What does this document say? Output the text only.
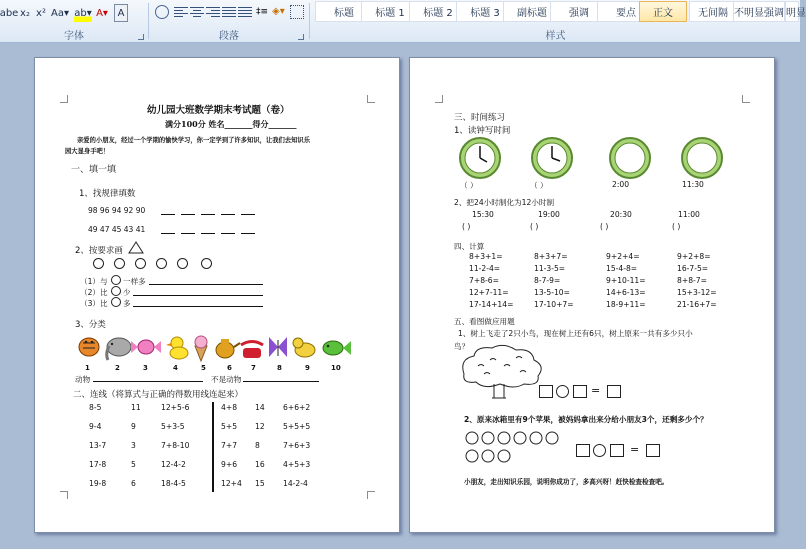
abe x₂ x² Aa▾ ab▾ A▾ A
字体
‡≡ ◈▾
段落
标题	标题 1	标题 2	标题 3	副标题	强调	要点	正文	无间隔 不明显强调 明显
样式
幼儿园大班数学期末考试题（卷）
满分100分 姓名_______得分_______
亲爱的小朋友，经过一个学期的愉快学习，你一定学到了许多知识，让我们去知识乐
园大显身手吧！
一、填一填
1、找规律填数
98 96 94 92 90
49 47 45 43 41
2、按要求画
（1）与 一样多
（2）比 少
（3）比 多
3、分类
1	2	3	4	5	6	7	8	9	10
动物	不是动物
二、连线（将算式与正确的得数用线连起来）
8-5	11	12+5-6	4+8 14 6+6+2
9-4	9	5+3-5	5+5 12 5+5+5
13-7	3	7+8-10	7+7 8	7+6+3
17-8	5	12-4-2	9+6 16 4+5+3
19-8	6	18-4-5	12+4 15 14-2-4
三、时间练习
1、读钟写时间
（ ）	（ ）	2:00	11:30
2、把24小时制化为12小时制
15:30	19:00	20:30	11:00
( )	( )	( )	( )
四、计算
8+3+1=	8+3+7=	9+2+4=	9+2+8=
11-2-4=	11-3-5=	15-4-8=	16-7-5=
7+8-6=	8-7-9=	9+10-11=	8+8-7=
12+7-11=	13-5-10=	14+6-13=	15+3-12=
17-14+14=	17-10+7=	18-9+11=	21-16+7=
五、看图做应用题
1、树上飞走了2只小鸟，现在树上还有6只，树上原来一共有多少只小
鸟？
=
2、原来冰箱里有9个苹果，被妈妈拿出来分给小朋友3个，还剩多少个？
=
小朋友，走出知识乐园，说明你成功了，多高兴呀！赶快检查检查吧。
